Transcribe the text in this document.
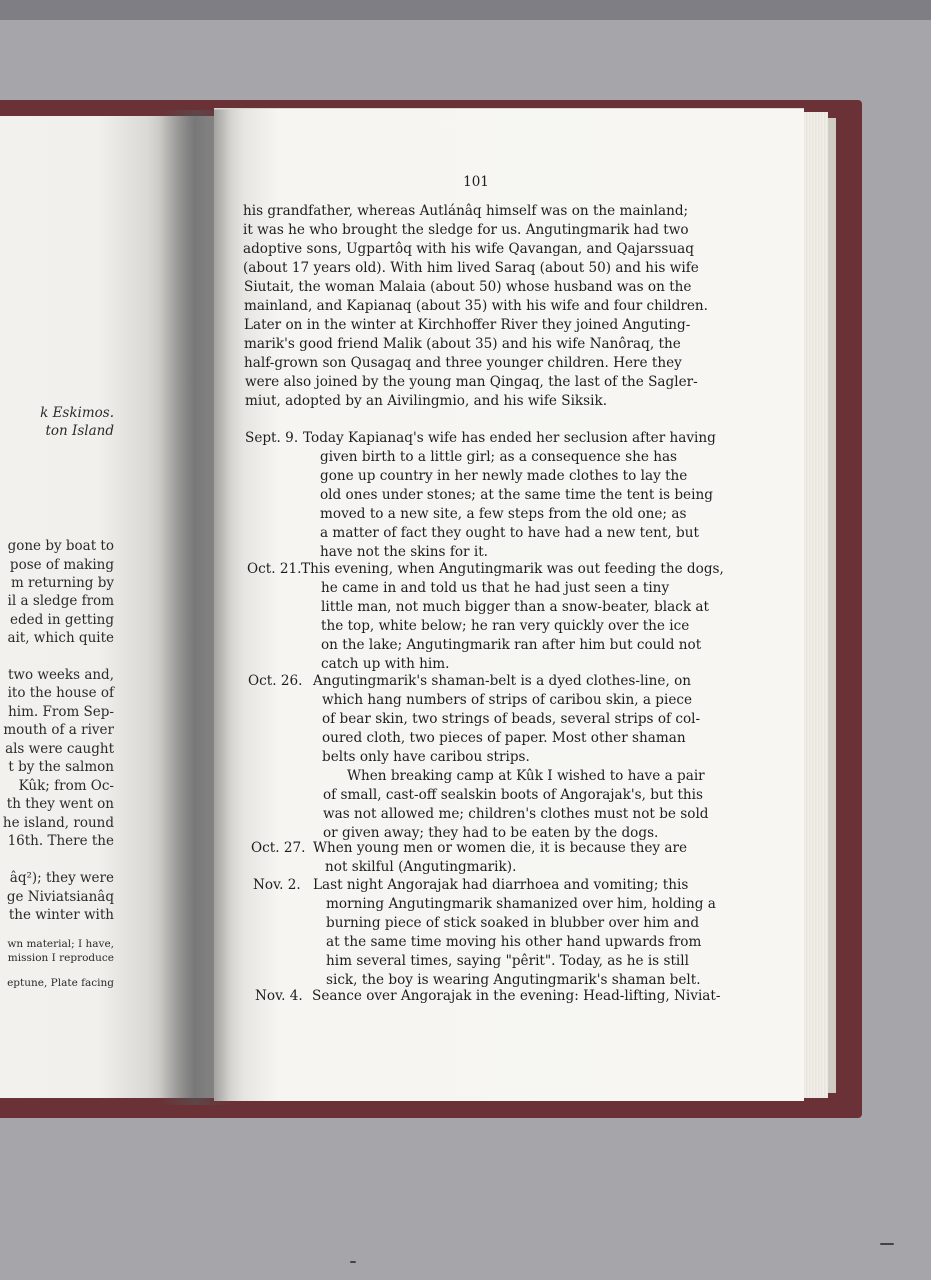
k Eskimos.
ton Island
gone by boat to
pose of making
m returning by
il a sledge from
eded in getting
ait, which quite
two weeks and,
ito the house of
him. From Sep-
mouth of a river
als were caught
t by the salmon
Kûk; from Oc-
th they went on
he island, round
16th. There the
âq²); they were
ge Niviatsianâq
the winter with
wn material; I have,
mission I reproduce
eptune, Plate facing
101
his grandfather, whereas Autlánâq himself was on the mainland;
it was he who brought the sledge for us. Angutingmarik had two
adoptive sons, Ugpartôq with his wife Qavangan, and Qajarssuaq
(about 17 years old). With him lived Saraq (about 50) and his wife
Siutait, the woman Malaia (about 50) whose husband was on the
mainland, and Kapianaq (about 35) with his wife and four children.
Later on in the winter at Kirchhoffer River they joined Anguting-
marik's good friend Malik (about 35) and his wife Nanôraq, the
half-grown son Qusagaq and three younger children. Here they
were also joined by the young man Qingaq, the last of the Sagler-
miut, adopted by an Aivilingmio, and his wife Siksik.
Sept. 9. Today Kapianaq's wife has ended her seclusion after having
given birth to a little girl; as a consequence she has
gone up country in her newly made clothes to lay the
old ones under stones; at the same time the tent is being
moved to a new site, a few steps from the old one; as
a matter of fact they ought to have had a new tent, but
have not the skins for it.
Oct. 21. This evening, when Angutingmarik was out feeding the dogs,
he came in and told us that he had just seen a tiny
little man, not much bigger than a snow-beater, black at
the top, white below; he ran very quickly over the ice
on the lake; Angutingmarik ran after him but could not
catch up with him.
Oct. 26. Angutingmarik's shaman-belt is a dyed clothes-line, on
which hang numbers of strips of caribou skin, a piece
of bear skin, two strings of beads, several strips of col-
oured cloth, two pieces of paper. Most other shaman
belts only have caribou strips.
When breaking camp at Kûk I wished to have a pair
of small, cast-off sealskin boots of Angorajak's, but this
was not allowed me; children's clothes must not be sold
or given away; they had to be eaten by the dogs.
Oct. 27. When young men or women die, it is because they are
not skilful (Angutingmarik).
Nov. 2. Last night Angorajak had diarrhoea and vomiting; this
morning Angutingmarik shamanized over him, holding a
burning piece of stick soaked in blubber over him and
at the same time moving his other hand upwards from
him several times, saying "pêrit". Today, as he is still
sick, the boy is wearing Angutingmarik's shaman belt.
Nov. 4. Seance over Angorajak in the evening: Head-lifting, Niviat-
